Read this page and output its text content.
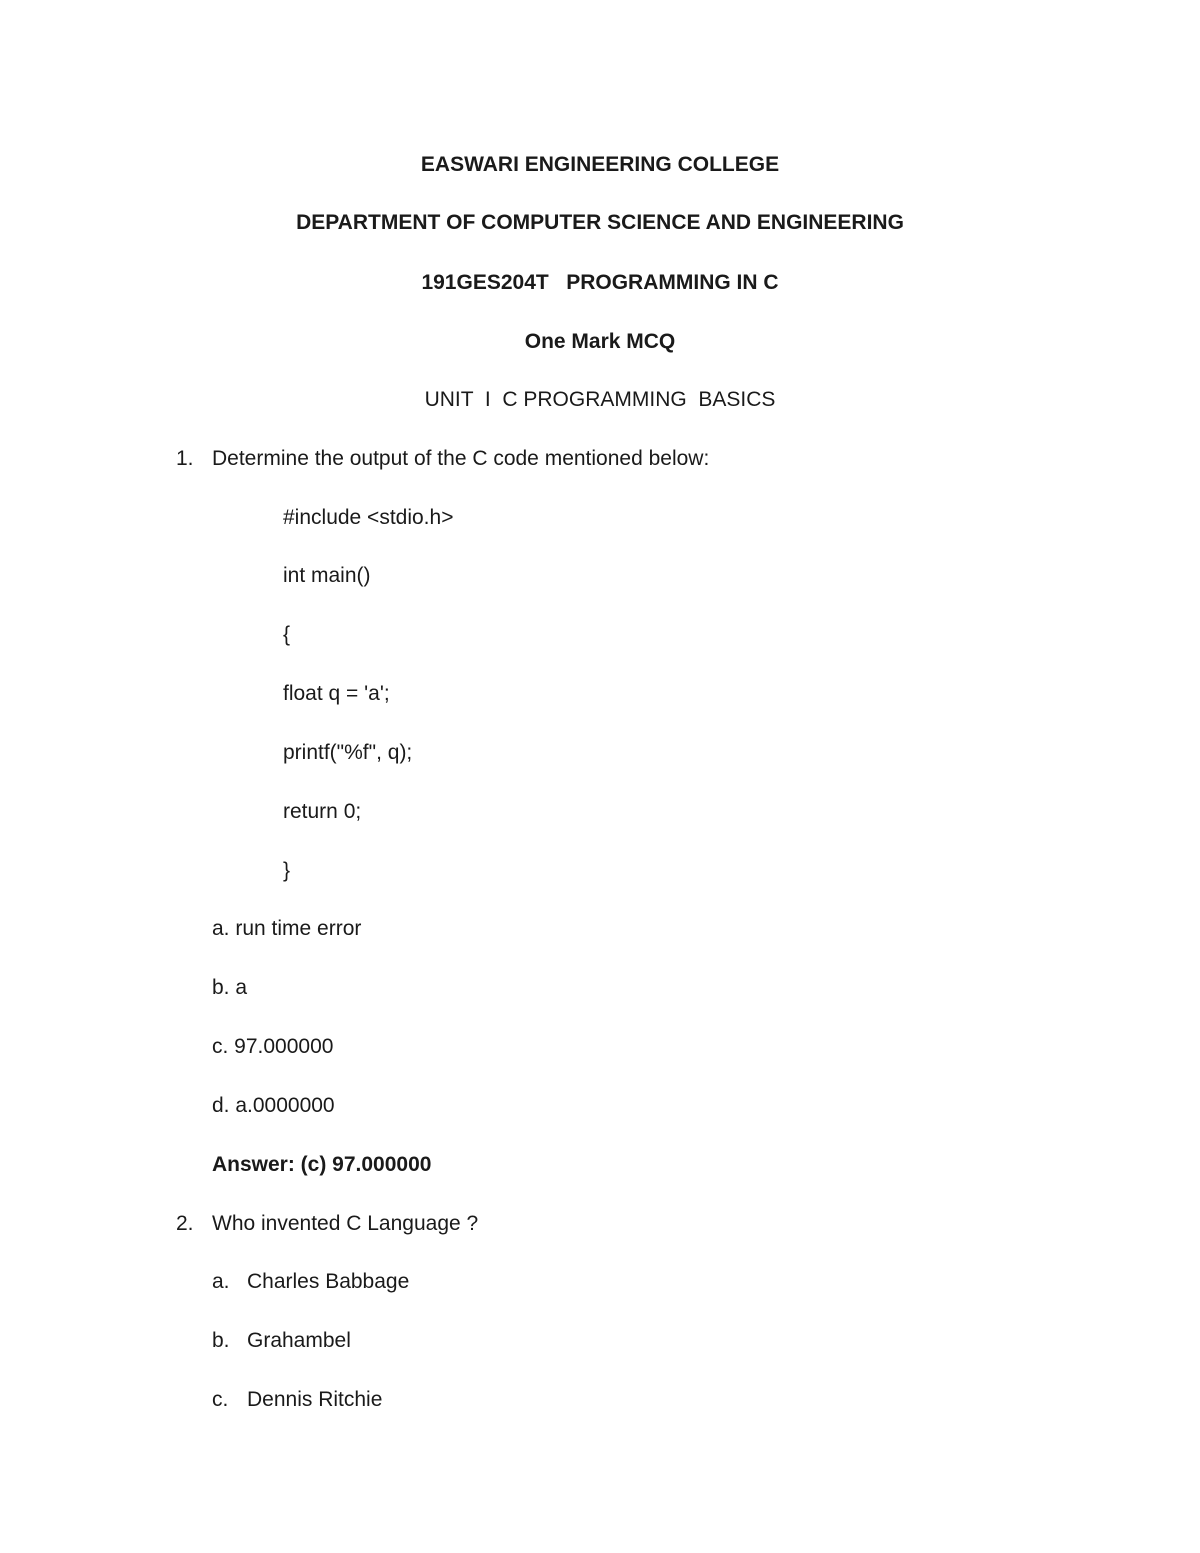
EASWARI ENGINEERING COLLEGE
DEPARTMENT OF COMPUTER SCIENCE AND ENGINEERING
191GES204T   PROGRAMMING IN C
One Mark MCQ
UNIT  I  C PROGRAMMING  BASICS
1. Determine the output of the C code mentioned below:
#include <stdio.h>
int main()
{
float q = 'a';
printf("%f", q);
return 0;
}
a. run time error
b. a
c. 97.000000
d. a.0000000
Answer: (c) 97.000000
2. Who invented C Language ?
a. Charles Babbage
b. Grahambel
c. Dennis Ritchie
